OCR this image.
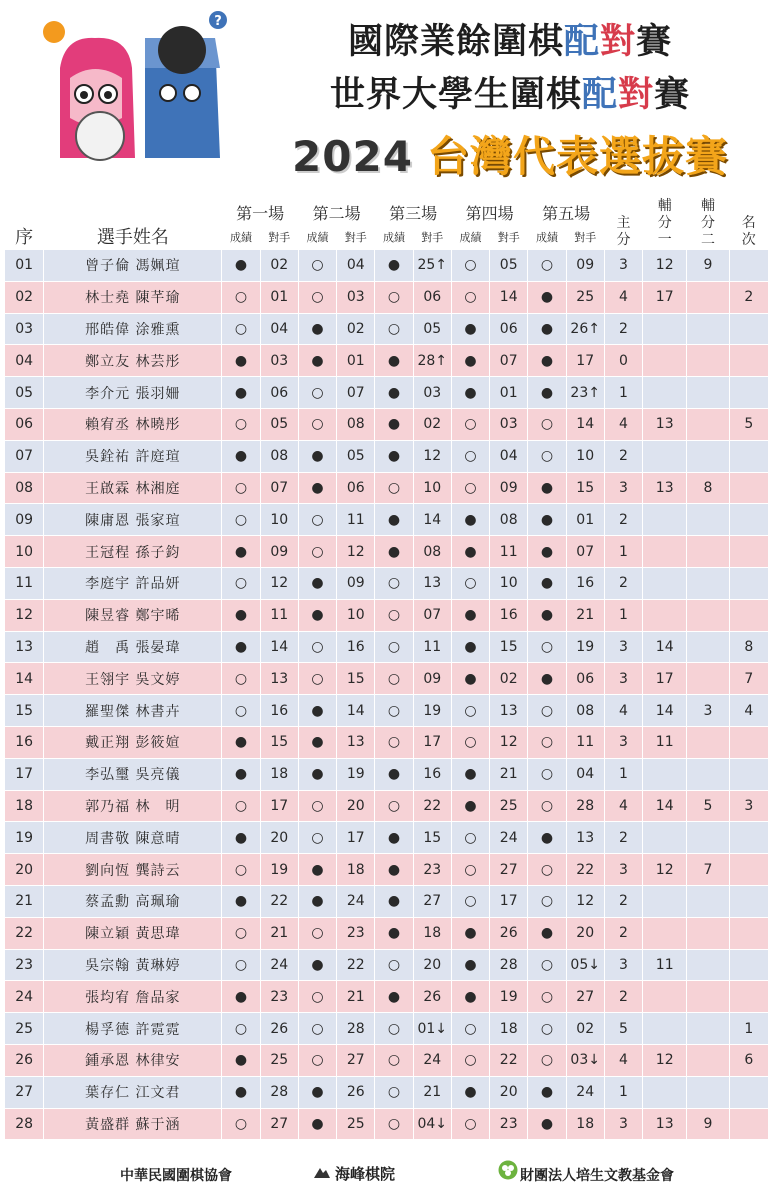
?
國際業餘圍棋配對賽
世界大學生圍棋配對賽
2024 台灣代表選拔賽
序	選手姓名	第一場		第二場		第三場		第四場		第五場		主分	輔分一	輔分二	名次
		成績	對手	成績	對手	成績	對手	成績	對手	成績	對手				
01	曾子倫 馮姵瑄	●	02	○	04	●	25↑	○	05	○	09	3	12	9	
02	林士堯 陳芊瑜	○	01	○	03	○	06	○	14	●	25	4	17		2
03	邢皓偉 涂雅熏	○	04	●	02	○	05	●	06	●	26↑	2			
04	鄭立友 林芸彤	●	03	●	01	●	28↑	●	07	●	17	0			
05	李介元 張羽姍	●	06	○	07	●	03	●	01	●	23↑	1			
06	賴宥丞 林曉彤	○	05	○	08	●	02	○	03	○	14	4	13		5
07	吳銓祐 許庭瑄	●	08	●	05	●	12	○	04	○	10	2			
08	王啟霖 林湘庭	○	07	●	06	○	10	○	09	●	15	3	13	8	
09	陳庸恩 張家瑄	○	10	○	11	●	14	●	08	●	01	2			
10	王冠程 孫子鈞	●	09	○	12	●	08	●	11	●	07	1			
11	李庭宇 許品妍	○	12	●	09	○	13	○	10	●	16	2			
12	陳昱睿 鄭宇晞	●	11	●	10	○	07	●	16	●	21	1			
13	趙　禹 張晏瑋	●	14	○	16	○	11	●	15	○	19	3	14		8
14	王翎宇 吳文婷	○	13	○	15	○	09	●	02	●	06	3	17		7
15	羅聖傑 林書卉	○	16	●	14	○	19	○	13	○	08	4	14	3	4
16	戴正翔 彭筱媗	●	15	●	13	○	17	○	12	○	11	3	11		
17	李弘璽 吳亮儀	●	18	●	19	●	16	●	21	○	04	1			
18	郭乃福 林　明	○	17	○	20	○	22	●	25	○	28	4	14	5	3
19	周書敬 陳意晴	●	20	○	17	●	15	○	24	●	13	2			
20	劉向恆 龔詩云	○	19	●	18	●	23	○	27	○	22	3	12	7	
21	蔡孟勳 高珮瑜	●	22	●	24	●	27	○	17	○	12	2			
22	陳立穎 黃思瑋	○	21	○	23	●	18	●	26	●	20	2			
23	吳宗翰 黃琳婷	○	24	●	22	○	20	●	28	○	05↓	3	11		
24	張均宥 詹品家	●	23	○	21	●	26	●	19	○	27	2			
25	楊孚德 許霓霓	○	26	○	28	○	01↓	○	18	○	02	5			1
26	鍾承恩 林律安	●	25	○	27	○	24	○	22	○	03↓	4	12		6
27	葉存仁 江文君	●	28	●	26	○	21	●	20	●	24	1			
28	黃盛群 蘇于涵	○	27	●	25	○	04↓	○	23	●	18	3	13	9	
中華民國圍棋協會	海峰棋院	財團法人培生文教基金會
